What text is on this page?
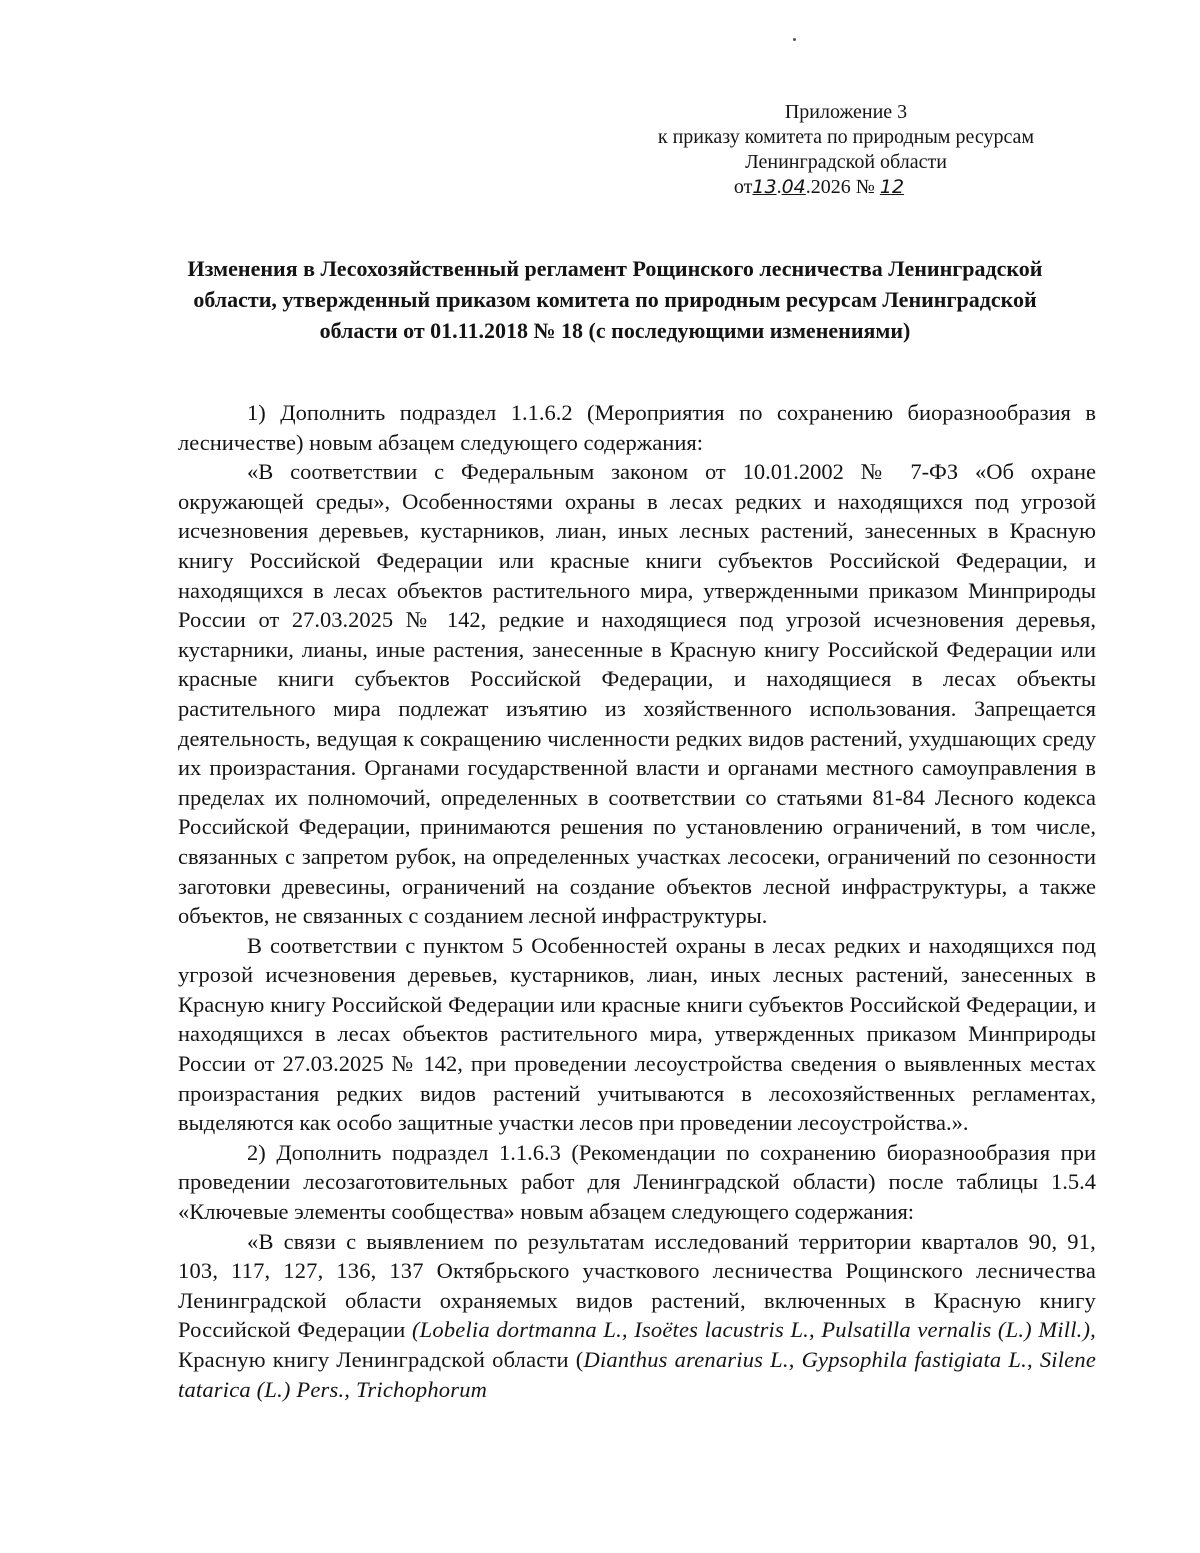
Приложение 3
к приказу комитета по природным ресурсам
Ленинградской области
от13.04.2026 № 12
Изменения в Лесохозяйственный регламент Рощинского лесничества Ленинградской области, утвержденный приказом комитета по природным ресурсам Ленинградской области от 01.11.2018 № 18 (с последующими изменениями)

1) Дополнить подраздел 1.1.6.2 (Мероприятия по сохранению биоразнообразия в лесничестве) новым абзацем следующего содержания:

«В соответствии с Федеральным законом от 10.01.2002 № 7-ФЗ «Об охране окружающей среды», Особенностями охраны в лесах редких и находящихся под угрозой исчезновения деревьев, кустарников, лиан, иных лесных растений, занесенных в Красную книгу Российской Федерации или красные книги субъектов Российской Федерации, и находящихся в лесах объектов растительного мира, утвержденными приказом Минприроды России от 27.03.2025 № 142, редкие и находящиеся под угрозой исчезновения деревья, кустарники, лианы, иные растения, занесенные в Красную книгу Российской Федерации или красные книги субъектов Российской Федерации, и находящиеся в лесах объекты растительного мира подлежат изъятию из хозяйственного использования. Запрещается деятельность, ведущая к сокращению численности редких видов растений, ухудшающих среду их произрастания. Органами государственной власти и органами местного самоуправления в пределах их полномочий, определенных в соответствии со статьями 81-84 Лесного кодекса Российской Федерации, принимаются решения по установлению ограничений, в том числе, связанных с запретом рубок, на определенных участках лесосеки, ограничений по сезонности заготовки древесины, ограничений на создание объектов лесной инфраструктуры, а также объектов, не связанных с созданием лесной инфраструктуры.

В соответствии с пунктом 5 Особенностей охраны в лесах редких и находящихся под угрозой исчезновения деревьев, кустарников, лиан, иных лесных растений, занесенных в Красную книгу Российской Федерации или красные книги субъектов Российской Федерации, и находящихся в лесах объектов растительного мира, утвержденных приказом Минприроды России от 27.03.2025 № 142, при проведении лесоустройства сведения о выявленных местах произрастания редких видов растений учитываются в лесохозяйственных регламентах, выделяются как особо защитные участки лесов при проведении лесоустройства.».

2) Дополнить подраздел 1.1.6.3 (Рекомендации по сохранению биоразнообразия при проведении лесозаготовительных работ для Ленинградской области) после таблицы 1.5.4 «Ключевые элементы сообщества» новым абзацем следующего содержания:

«В связи с выявлением по результатам исследований территории кварталов 90, 91, 103, 117, 127, 136, 137 Октябрьского участкового лесничества Рощинского лесничества Ленинградской области охраняемых видов растений, включенных в Красную книгу Российской Федерации (Lobelia dortmanna L., Isoëtes lacustris L., Pulsatilla vernalis (L.) Mill.), Красную книгу Ленинградской области (Dianthus arenarius L., Gypsophila fastigiata L., Silene tatarica (L.) Pers., Trichophorum
